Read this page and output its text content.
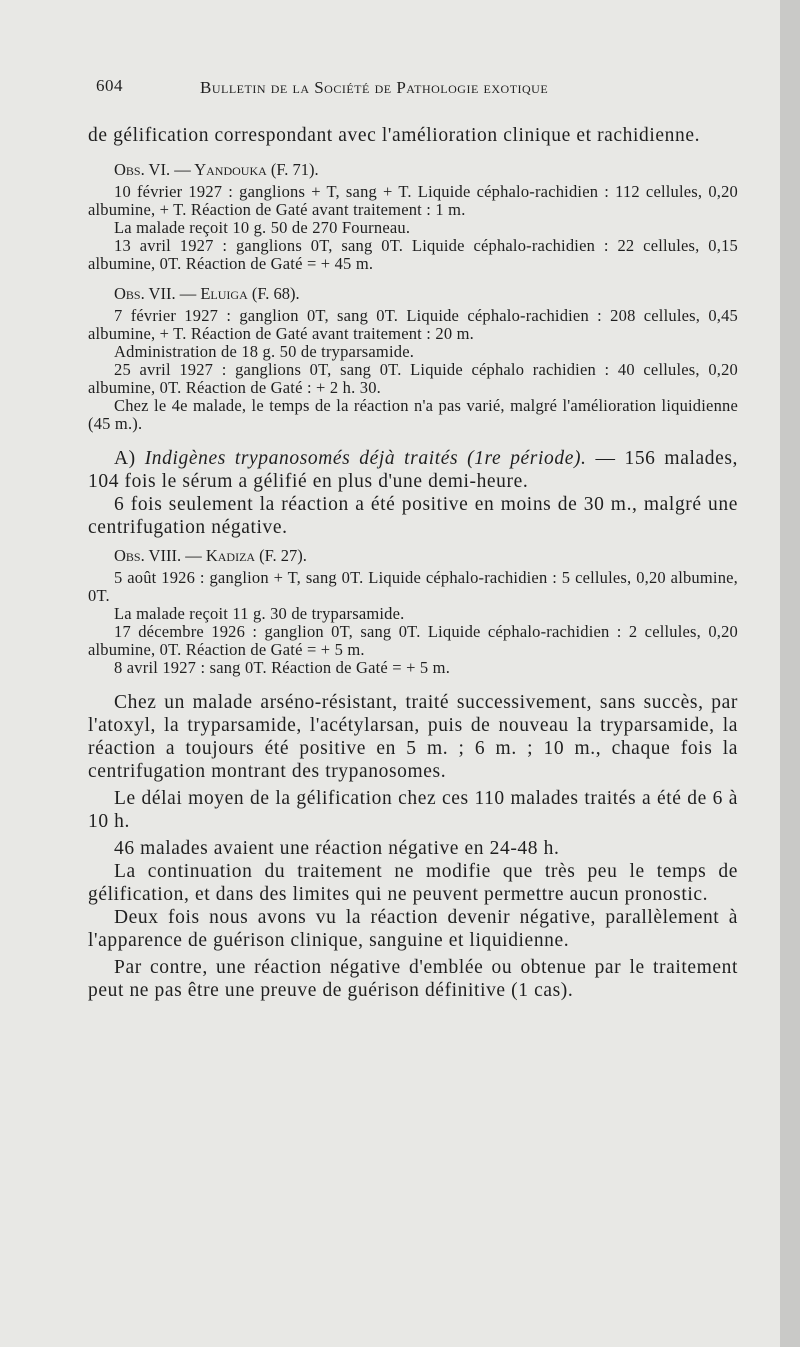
604	Bulletin de la Société de Pathologie exotique

de gélification correspondant avec l'amélioration clinique et rachidienne.

Obs. VI. — Yandouka (F. 71).

10 février 1927 : ganglions + T, sang + T. Liquide céphalo-rachidien : 112 cellules, 0,20 albumine, + T. Réaction de Gaté avant traitement : 1 m.

La malade reçoit 10 g. 50 de 270 Fourneau.

13 avril 1927 : ganglions 0T, sang 0T. Liquide céphalo-rachidien : 22 cellules, 0,15 albumine, 0T. Réaction de Gaté = + 45 m.

Obs. VII. — Eluiga (F. 68).

7 février 1927 : ganglion 0T, sang 0T. Liquide céphalo-rachidien : 208 cellules, 0,45 albumine, + T. Réaction de Gaté avant traitement : 20 m.

Administration de 18 g. 50 de tryparsamide.

25 avril 1927 : ganglions 0T, sang 0T. Liquide céphalo rachidien : 40 cellules, 0,20 albumine, 0T. Réaction de Gaté : + 2 h. 30.

Chez le 4e malade, le temps de la réaction n'a pas varié, malgré l'amélioration liquidienne (45 m.).

A) Indigènes trypanosomés déjà traités (1re période). — 156 malades, 104 fois le sérum a gélifié en plus d'une demi-heure.

6 fois seulement la réaction a été positive en moins de 30 m., malgré une centrifugation négative.

Obs. VIII. — Kadiza (F. 27).

5 août 1926 : ganglion + T, sang 0T. Liquide céphalo-rachidien : 5 cellules, 0,20 albumine, 0T.

La malade reçoit 11 g. 30 de tryparsamide.

17 décembre 1926 : ganglion 0T, sang 0T. Liquide céphalo-rachidien : 2 cellules, 0,20 albumine, 0T. Réaction de Gaté = + 5 m.

8 avril 1927 : sang 0T. Réaction de Gaté = + 5 m.

Chez un malade arséno-résistant, traité successivement, sans succès, par l'atoxyl, la tryparsamide, l'acétylarsan, puis de nouveau la tryparsamide, la réaction a toujours été positive en 5 m. ; 6 m. ; 10 m., chaque fois la centrifugation montrant des trypanosomes.

Le délai moyen de la gélification chez ces 110 malades traités a été de 6 à 10 h.

46 malades avaient une réaction négative en 24-48 h.

La continuation du traitement ne modifie que très peu le temps de gélification, et dans des limites qui ne peuvent permettre aucun pronostic.

Deux fois nous avons vu la réaction devenir négative, parallèlement à l'apparence de guérison clinique, sanguine et liquidienne.

Par contre, une réaction négative d'emblée ou obtenue par le traitement peut ne pas être une preuve de guérison définitive (1 cas).
